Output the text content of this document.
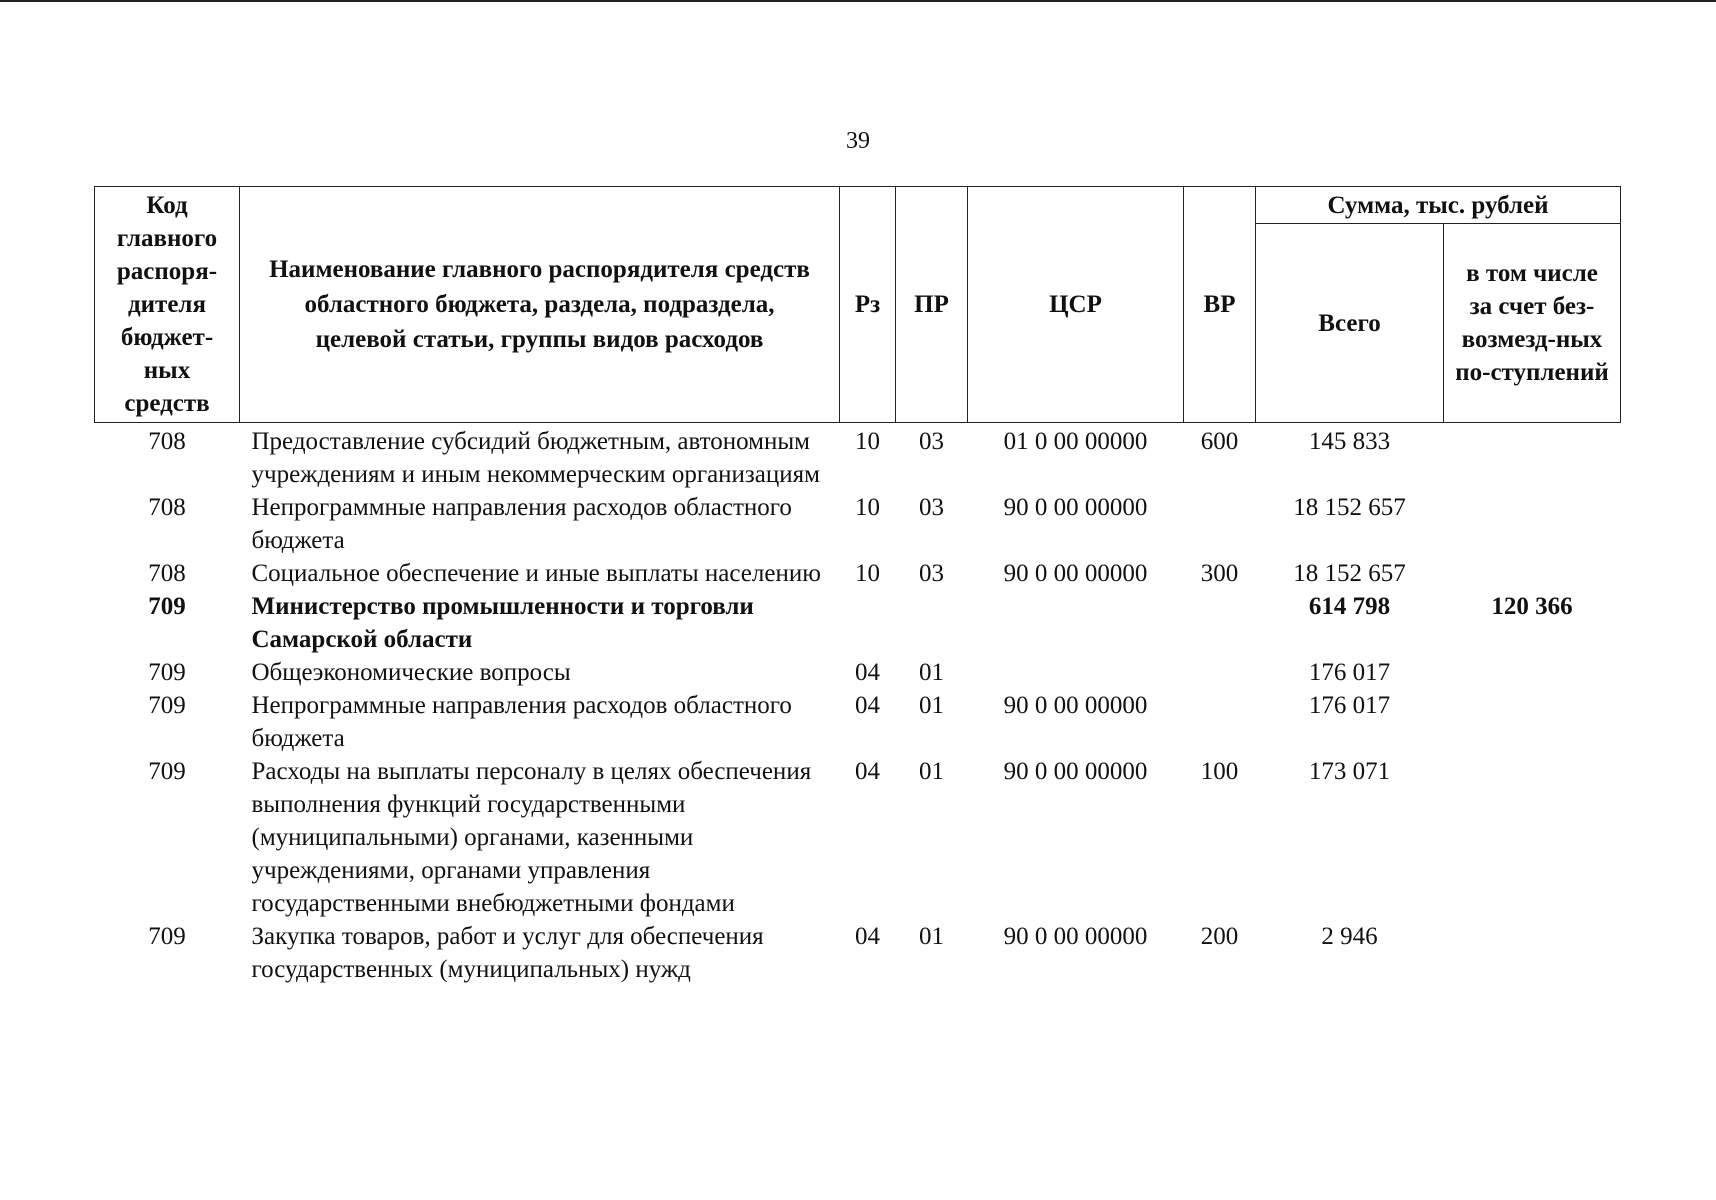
39
Код главного распоря-дителя бюджет-ных средств	Наименование главного распорядителя средств областного бюджета, раздела, подраздела, целевой статьи, группы видов расходов	Рз	ПР	ЦСР	ВР	Сумма, тыс. рублей	
						Всего	в том числе за счет без-возмезд-ных по-ступлений

708	Предоставление субсидий бюджетным, автономным учреждениям и иным некоммерческим организациям	10	03	01 0 00 00000	600	145 833	
708	Непрограммные направления расходов областного бюджета	10	03	90 0 00 00000		18 152 657	
708	Социальное обеспечение и иные выплаты населению	10	03	90 0 00 00000	300	18 152 657	
709	Министерство промышленности и торговли Самарской области					614 798	120 366
709	Общеэкономические вопросы	04	01			176 017	
709	Непрограммные направления расходов областного бюджета	04	01	90 0 00 00000		176 017	
709	Расходы на выплаты персоналу в целях обеспечения выполнения функций государственными (муниципальными) органами, казенными учреждениями, органами управления государственными внебюджетными фондами	04	01	90 0 00 00000	100	173 071	
709	Закупка товаров, работ и услуг для обеспечения государственных (муниципальных) нужд	04	01	90 0 00 00000	200	2 946	
